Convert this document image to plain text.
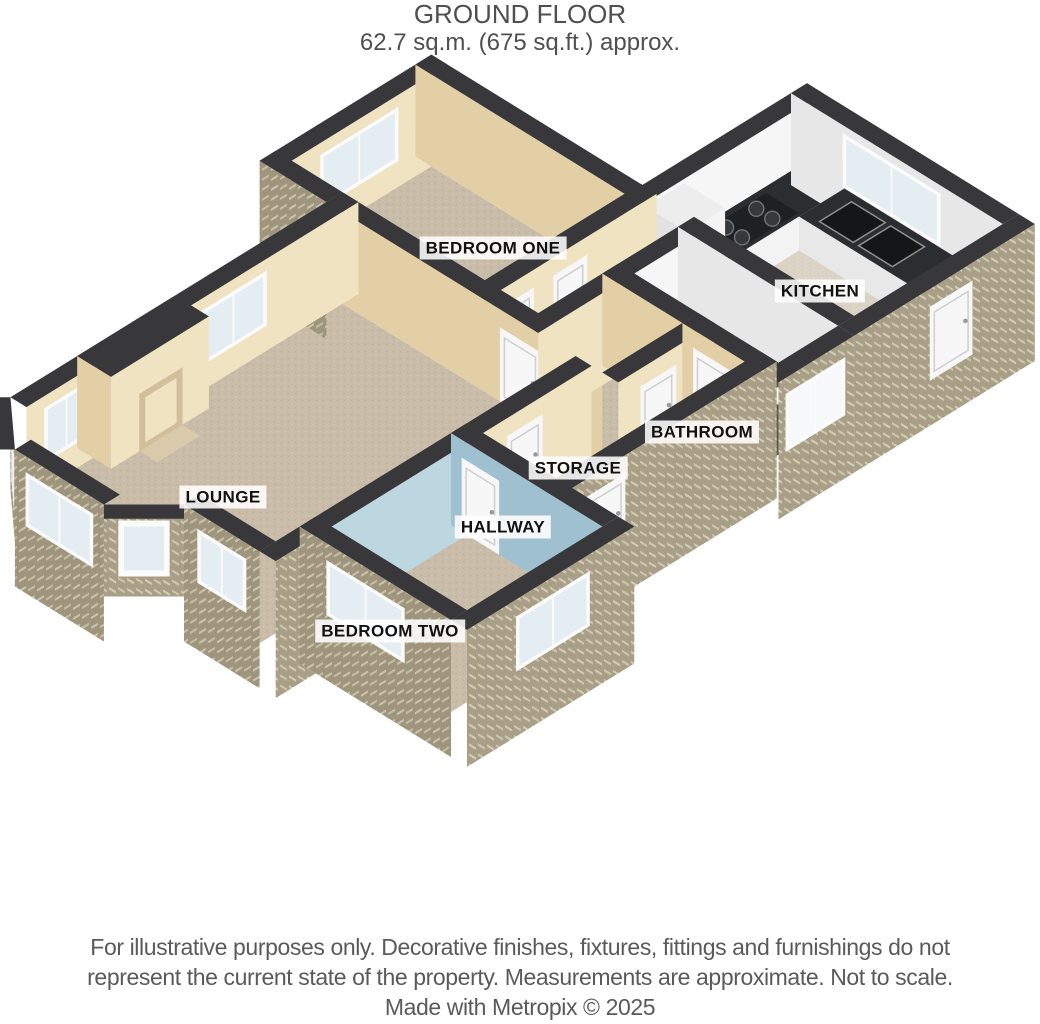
GROUND FLOOR
62.7 sq.m. (675 sq.ft.) approx.
BEDROOM ONE
KITCHEN
BATHROOM
STORAGE
HALLWAY
LOUNGE
BEDROOM TWO
For illustrative purposes only. Decorative finishes, fixtures, fittings and furnishings do not
represent the current state of the property. Measurements are approximate. Not to scale.
Made with Metropix © 2025
